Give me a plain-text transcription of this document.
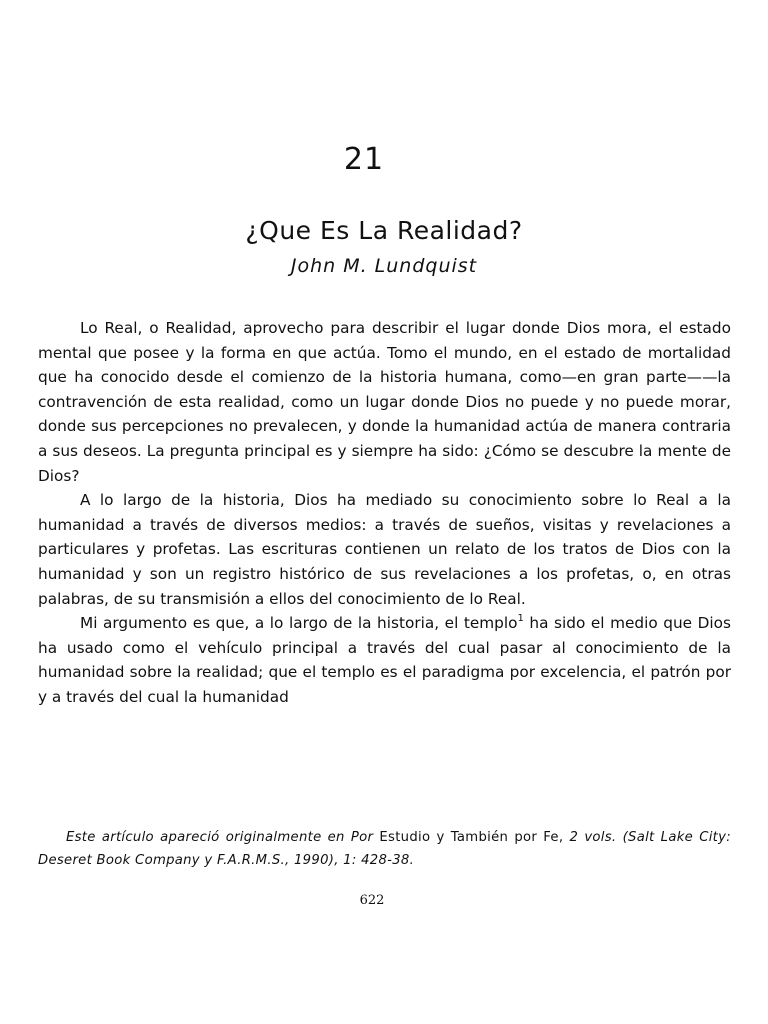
21
¿Que Es La Realidad?
John M. Lundquist

Lo Real, o Realidad, aprovecho para describir el lugar donde Dios mora, el estado mental que posee y la forma en que actúa. Tomo el mundo, en el estado de mortalidad que ha conocido desde el comienzo de la historia humana, como—en gran parte——la contravención de esta realidad, como un lugar donde Dios no puede y no puede morar, donde sus percepciones no prevalecen, y donde la humanidad actúa de manera contraria a sus deseos. La pregunta principal es y siempre ha sido: ¿Cómo se descubre la mente de Dios?

A lo largo de la historia, Dios ha mediado su conocimiento sobre lo Real a la humanidad a través de diversos medios: a través de sueños, visitas y revelaciones a particulares y profetas. Las escrituras contienen un relato de los tratos de Dios con la humanidad y son un registro histórico de sus revelaciones a los profetas, o, en otras palabras, de su transmisión a ellos del conocimiento de lo Real.

Mi argumento es que, a lo largo de la historia, el templo$^1$ ha sido el medio que Dios ha usado como el vehículo principal a través del cual pasar al conocimiento de la humanidad sobre la realidad; que el templo es el paradigma por excelencia, el patrón por y a través del cual la humanidad

Este artículo apareció originalmente en Por Estudio y También por Fe, 2 vols. (Salt Lake City: Deseret Book Company y F.A.R.M.S., 1990), 1: 428-38.
622
